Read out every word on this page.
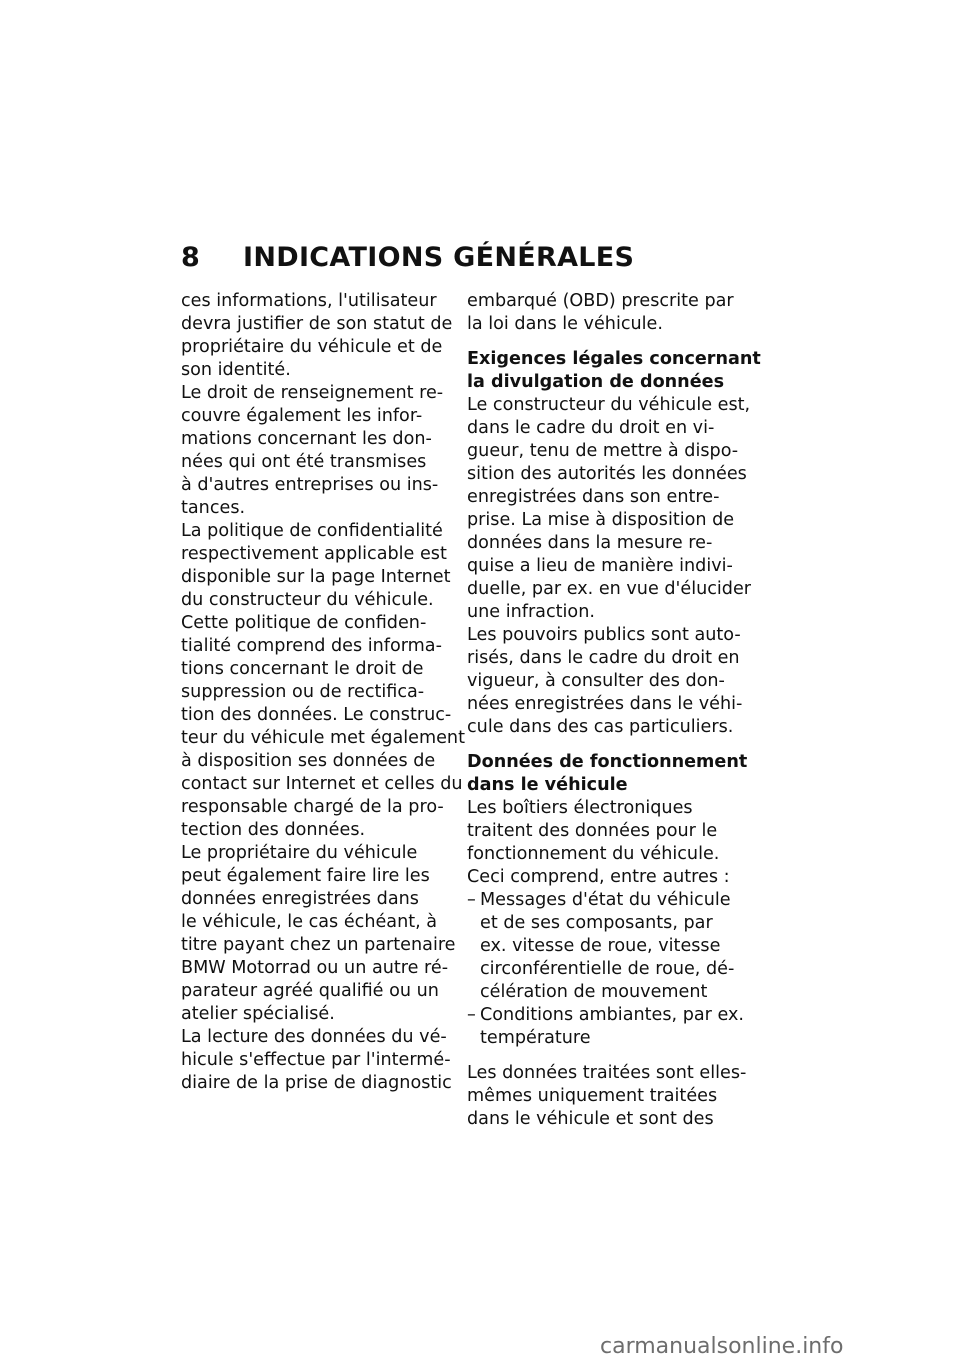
8 INDICATIONS GÉNÉRALES

ces informations, l'utilisateur
devra justifier de son statut de
propriétaire du véhicule et de
son identité.

Le droit de renseignement re-
couvre également les infor-
mations concernant les don-
nées qui ont été transmises
à d'autres entreprises ou ins-
tances.

La politique de confidentialité
respectivement applicable est
disponible sur la page Internet
du constructeur du véhicule.
Cette politique de confiden-
tialité comprend des informa-
tions concernant le droit de
suppression ou de rectifica-
tion des données. Le construc-
teur du véhicule met également
à disposition ses données de
contact sur Internet et celles du
responsable chargé de la pro-
tection des données.

Le propriétaire du véhicule
peut également faire lire les
données enregistrées dans
le véhicule, le cas échéant, à
titre payant chez un partenaire
BMW Motorrad ou un autre ré-
parateur agréé qualifié ou un
atelier spécialisé.

La lecture des données du vé-
hicule s'effectue par l'intermé-
diaire de la prise de diagnostic

embarqué (OBD) prescrite par
la loi dans le véhicule.

Exigences légales concernant
la divulgation de données

Le constructeur du véhicule est,
dans le cadre du droit en vi-
gueur, tenu de mettre à dispo-
sition des autorités les données
enregistrées dans son entre-
prise. La mise à disposition de
données dans la mesure re-
quise a lieu de manière indivi-
duelle, par ex. en vue d'élucider
une infraction.

Les pouvoirs publics sont auto-
risés, dans le cadre du droit en
vigueur, à consulter des don-
nées enregistrées dans le véhi-
cule dans des cas particuliers.

Données de fonctionnement
dans le véhicule

Les boîtiers électroniques
traitent des données pour le
fonctionnement du véhicule.
Ceci comprend, entre autres :

– Messages d'état du véhicule
et de ses composants, par
ex. vitesse de roue, vitesse
circonférentielle de roue, dé-
célération de mouvement
– Conditions ambiantes, par ex.
température

Les données traitées sont elles-
mêmes uniquement traitées
dans le véhicule et sont des

carmanualsonline.info
